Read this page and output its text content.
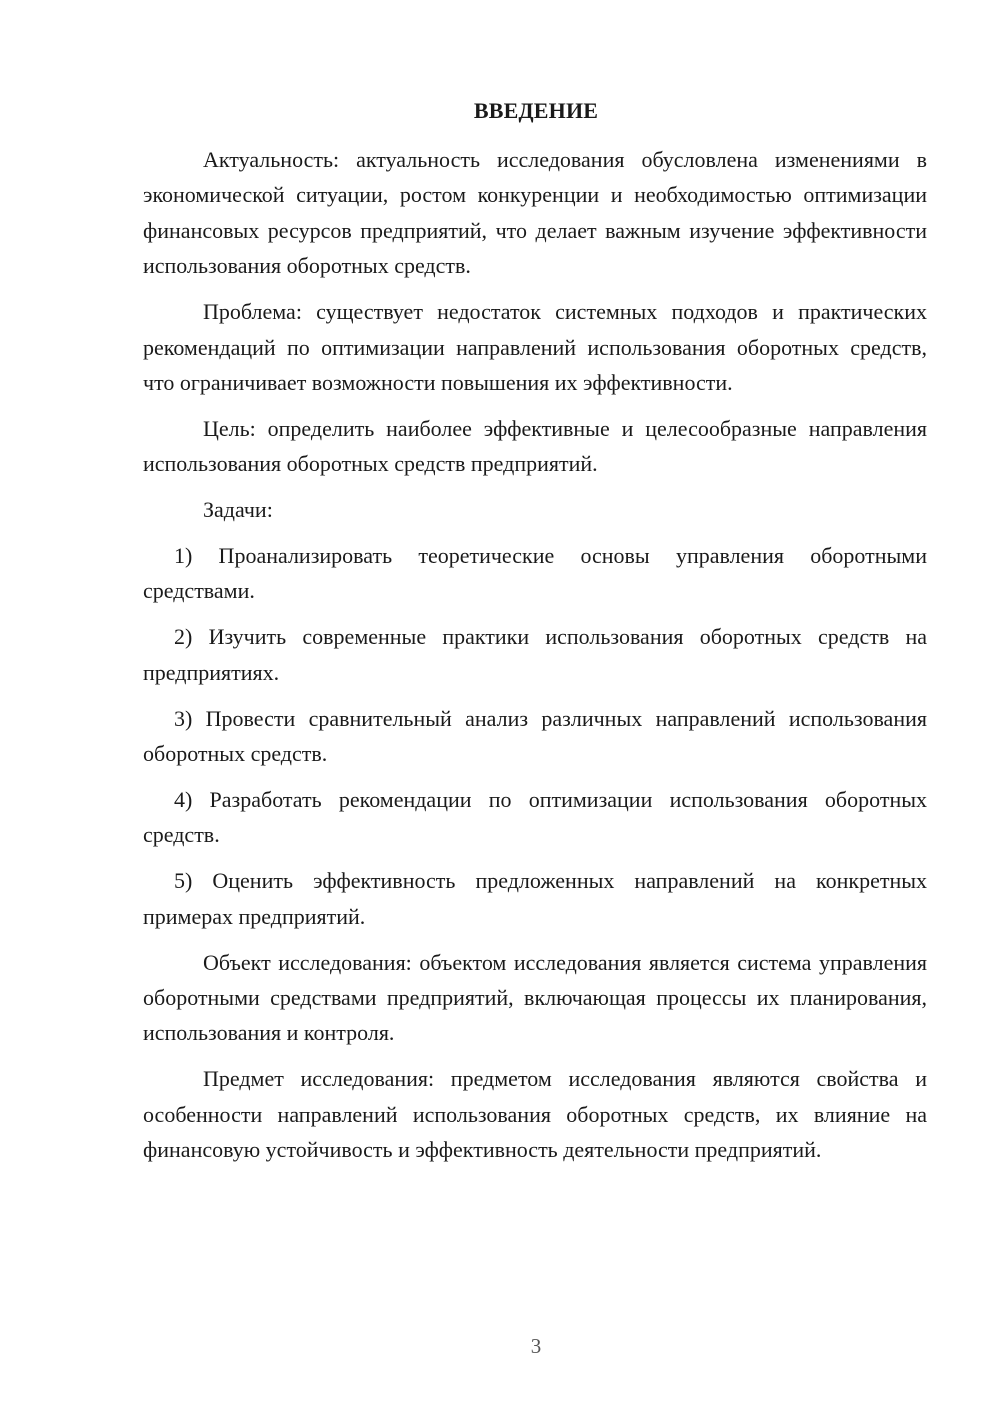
ВВЕДЕНИЕ

Актуальность: актуальность исследования обусловлена изменениями в экономической ситуации, ростом конкуренции и необходимостью оптимизации финансовых ресурсов предприятий, что делает важным изучение эффективности использования оборотных средств.

Проблема: существует недостаток системных подходов и практических рекомендаций по оптимизации направлений использования оборотных средств, что ограничивает возможности повышения их эффективности.

Цель: определить наиболее эффективные и целесообразные направления использования оборотных средств предприятий.

Задачи:

1) Проанализировать теоретические основы управления оборотными средствами.

2) Изучить современные практики использования оборотных средств на предприятиях.

3) Провести сравнительный анализ различных направлений использования оборотных средств.

4) Разработать рекомендации по оптимизации использования оборотных средств.

5) Оценить эффективность предложенных направлений на конкретных примерах предприятий.

Объект исследования: объектом исследования является система управления оборотными средствами предприятий, включающая процессы их планирования, использования и контроля.

Предмет исследования: предметом исследования являются свойства и особенности направлений использования оборотных средств, их влияние на финансовую устойчивость и эффективность деятельности предприятий.

3
